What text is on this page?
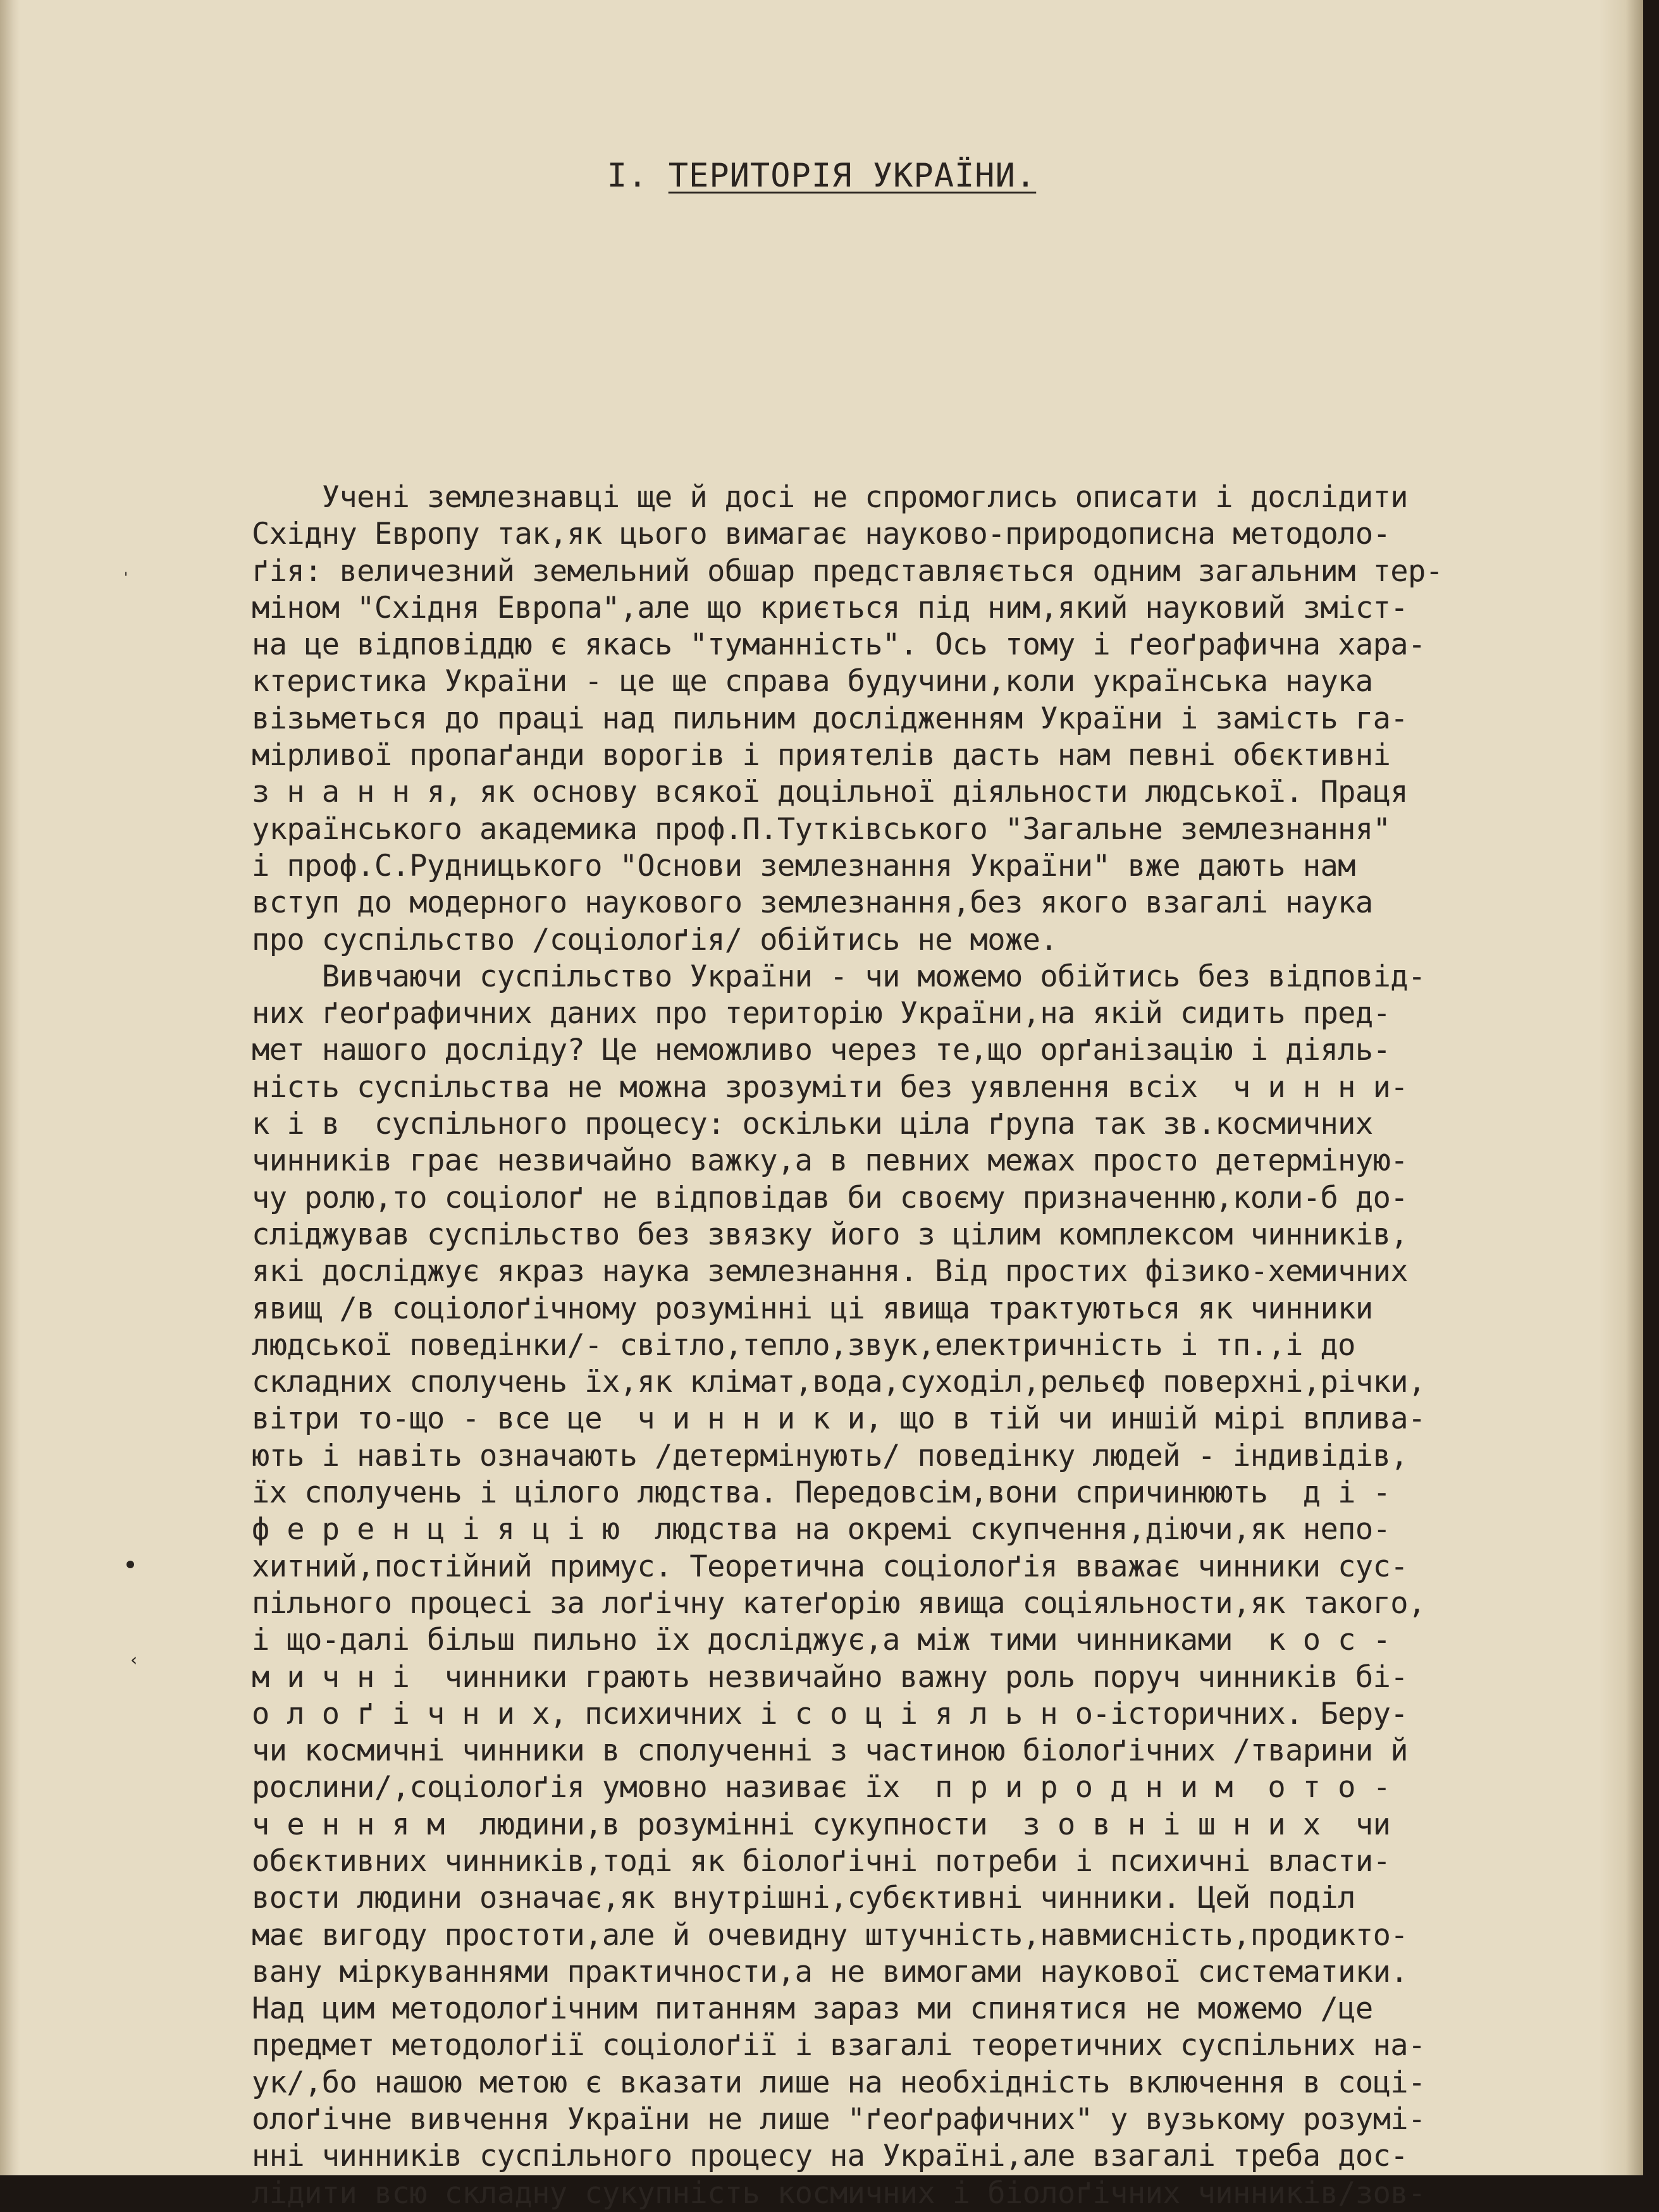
I. ТЕРИТОРІЯ УКРАЇНИ.
'
‹
Учені землезнавці ще й досі не спромоглись описати і дослідити
Східну Европу так,як цього вимагає науково-природописна методоло-
ґія: величезний земельний обшар представляється одним загальним тер-
міном "Східня Европа",але що криється під ним,який науковий зміст-
на це відповіддю є якась "туманність". Ось тому і ґеоґрафична хара-
ктеристика України - це ще справа будучини,коли українська наука
візьметься до праці над пильним дослідженням України і замість га-
мірливої пропаґанди ворогів і приятелів дасть нам певні обєктивні
з н а н н я, як основу всякої доцільної діяльности людської. Праця
українського академика проф.П.Тутківського "Загальне землезнання"
і проф.С.Рудницького "Основи землезнання України" вже дають нам
вступ до модерного наукового землезнання,без якого взагалі наука
про суспільство /соціолоґія/ обійтись не може.
Вивчаючи суспільство України - чи можемо обійтись без відповід-
них ґеоґрафичних даних про територію України,на якій сидить пред-
мет нашого досліду? Це неможливо через те,що орґанізацію і діяль-
ність суспільства не можна зрозуміти без уявлення всіх  ч и н н и-
к і в  суспільного процесу: оскільки ціла ґрупа так зв.космичних
чинників грає незвичайно важку,а в певних межах просто детерміную-
чу ролю,то соціолоґ не відповідав би своєму призначенню,коли-б до-
сліджував суспільство без звязку його з цілим комплексом чинників,
які досліджує якраз наука землезнання. Від простих фізико-хемичних
явищ /в соціолоґічному розумінні ці явища трактуються як чинники
людської поведінки/- світло,тепло,звук,електричність і тп.,і до
складних сполучень їх,як клімат,вода,суходіл,рельєф поверхні,річки,
вітри то-що - все це  ч и н н и к и, що в тій чи иншій мірі вплива-
ють і навіть означають /детермінують/ поведінку людей - індивідів,
їх сполучень і цілого людства. Передовсім,вони спричинюють  д і -
ф е р е н ц і я ц і ю  людства на окремі скупчення,діючи,як непо-
хитний,постійний примус. Теоретична соціолоґія вважає чинники сус-
пільного процесі за лоґічну катеґорію явища соціяльности,як такого,
і що-далі більш пильно їх досліджує,а між тими чинниками  к о с -
м и ч н і  чинники грають незвичайно важну роль поруч чинників бі-
о л о ґ і ч н и х, психичних і с о ц і я л ь н о-історичних. Беру-
чи космичні чинники в сполученні з частиною біолоґічних /тварини й
рослини/,соціолоґія умовно називає їх  п р и р о д н и м  о т о -
ч е н н я м  людини,в розумінні сукупности  з о в н і ш н и х  чи
обєктивних чинників,тоді як біолоґічні потреби і психичні власти-
вости людини означає,як внутрішні,субєктивні чинники. Цей поділ
має вигоду простоти,але й очевидну штучність,навмисність,продикто-
вану міркуваннями практичности,а не вимогами наукової систематики.
Над цим методолоґічним питанням зараз ми спинятися не можемо /це
предмет методолоґії соціолоґії і взагалі теоретичних суспільних на-
ук/,бо нашою метою є вказати лише на необхідність включення в соці-
олоґічне вивчення України не лише "ґеоґрафичних" у вузькому розумі-
нні чинників суспільного процесу на Україні,але взагалі треба дос-
лідити всю складну сукупність космичних і біолоґічних чинників/зов-
